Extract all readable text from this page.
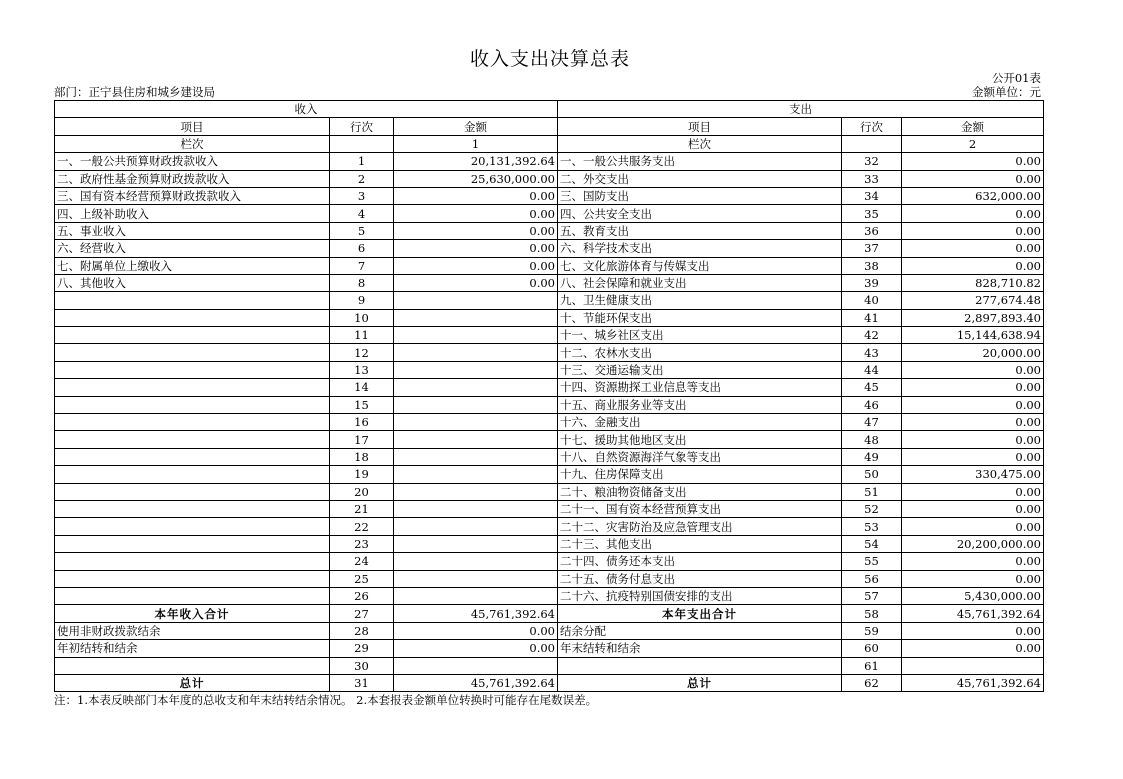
收入支出决算总表
公开01表
部门：正宁县住房和城乡建设局	金额单位：元
收入			支出		
项目	行次	金额	项目	行次	金额
栏次		1	栏次		2
一、一般公共预算财政拨款收入	1	20,131,392.64	一、一般公共服务支出	32	0.00
二、政府性基金预算财政拨款收入	2	25,630,000.00	二、外交支出	33	0.00
三、国有资本经营预算财政拨款收入	3	0.00	三、国防支出	34	632,000.00
四、上级补助收入	4	0.00	四、公共安全支出	35	0.00
五、事业收入	5	0.00	五、教育支出	36	0.00
六、经营收入	6	0.00	六、科学技术支出	37	0.00
七、附属单位上缴收入	7	0.00	七、文化旅游体育与传媒支出	38	0.00
八、其他收入	8	0.00	八、社会保障和就业支出	39	828,710.82
	9		九、卫生健康支出	40	277,674.48
	10		十、节能环保支出	41	2,897,893.40
	11		十一、城乡社区支出	42	15,144,638.94
	12		十二、农林水支出	43	20,000.00
	13		十三、交通运输支出	44	0.00
	14		十四、资源勘探工业信息等支出	45	0.00
	15		十五、商业服务业等支出	46	0.00
	16		十六、金融支出	47	0.00
	17		十七、援助其他地区支出	48	0.00
	18		十八、自然资源海洋气象等支出	49	0.00
	19		十九、住房保障支出	50	330,475.00
	20		二十、粮油物资储备支出	51	0.00
	21		二十一、国有资本经营预算支出	52	0.00
	22		二十二、灾害防治及应急管理支出	53	0.00
	23		二十三、其他支出	54	20,200,000.00
	24		二十四、债务还本支出	55	0.00
	25		二十五、债务付息支出	56	0.00
	26		二十六、抗疫特别国债安排的支出	57	5,430,000.00
本年收入合计	27	45,761,392.64	本年支出合计	58	45,761,392.64
使用非财政拨款结余	28	0.00	结余分配	59	0.00
年初结转和结余	29	0.00	年末结转和结余	60	0.00
	30			61	
总计	31	45,761,392.64	总计	62	45,761,392.64
注：1.本表反映部门本年度的总收支和年末结转结余情况。 2.本套报表金额单位转换时可能存在尾数误差。
